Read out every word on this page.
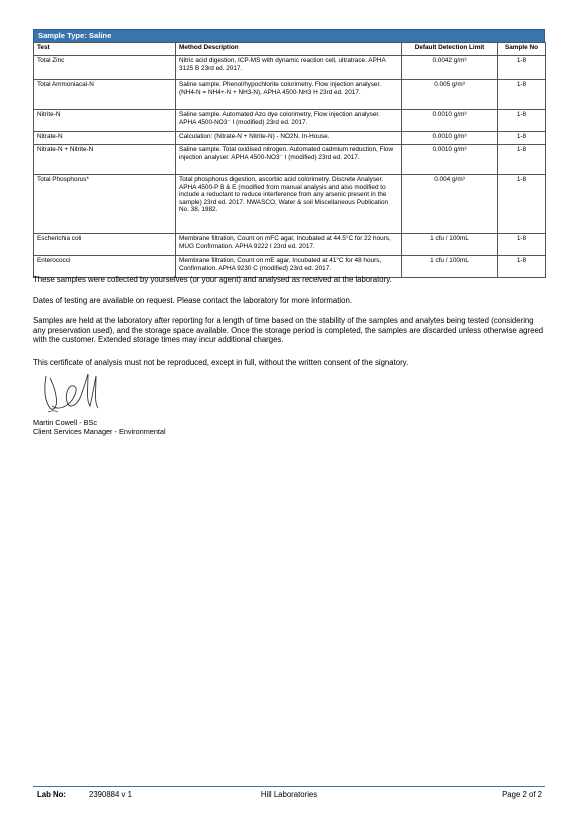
Sample Type: Saline
Test	Method Description	Default Detection Limit	Sample No
Total Zinc	Nitric acid digestion, ICP-MS with dynamic reaction cell, ultratrace. APHA 3125 B 23rd ed. 2017.	0.0042 g/m³	1-8
Total Ammoniacal-N	Saline sample. Phenol/hypochlorite colorimetry. Flow injection analyser. (NH4-N = NH4+-N + NH3-N). APHA 4500-NH3 H 23rd ed. 2017.	0.005 g/m³	1-8
Nitrite-N	Saline sample. Automated Azo dye colorimetry, Flow injection analyser. APHA 4500-NO3⁻ I (modified) 23rd ed. 2017.	0.0010 g/m³	1-8
Nitrate-N	Calculation: (Nitrate-N + Nitrite-N) - NO2N. In-House.	0.0010 g/m³	1-8
Nitrate-N + Nitrite-N	Saline sample. Total oxidised nitrogen. Automated cadmium reduction, Flow injection analyser. APHA 4500-NO3⁻ I (modified) 23rd ed. 2017.	0.0010 g/m³	1-8
Total Phosphorus*	Total phosphorus digestion, ascorbic acid colorimetry. Discrete Analyser. APHA 4500-P B & E (modified from manual analysis and also modified to include a reductant to reduce interference from any arsenic present in the sample) 23rd ed. 2017. NWASCO, Water & soil Miscellaneous Publication No. 38, 1982.	0.004 g/m³	1-8
Escherichia coli	Membrane filtration, Count on mFC agar, Incubated at 44.5°C for 22 hours, MUG Confirmation. APHA 9222 I 23rd ed. 2017.	1 cfu / 100mL	1-8
Enterococci	Membrane filtration, Count on mE agar, Incubated at 41°C for 48 hours, Confirmation. APHA 9230 C (modified) 23rd ed. 2017.	1 cfu / 100mL	1-8
These samples were collected by yourselves (or your agent) and analysed as received at the laboratory.
Dates of testing are available on request. Please contact the laboratory for more information.
Samples are held at the laboratory after reporting for a length of time based on the stability of the samples and analytes being tested (considering any preservation used), and the storage space available. Once the storage period is completed, the samples are discarded unless otherwise agreed with the customer. Extended storage times may incur additional charges.
This certificate of analysis must not be reproduced, except in full, without the written consent of the signatory.
Martin Cowell - BSc
Client Services Manager - Environmental
Lab No:	2390884 v 1	Hill Laboratories	Page 2 of 2
